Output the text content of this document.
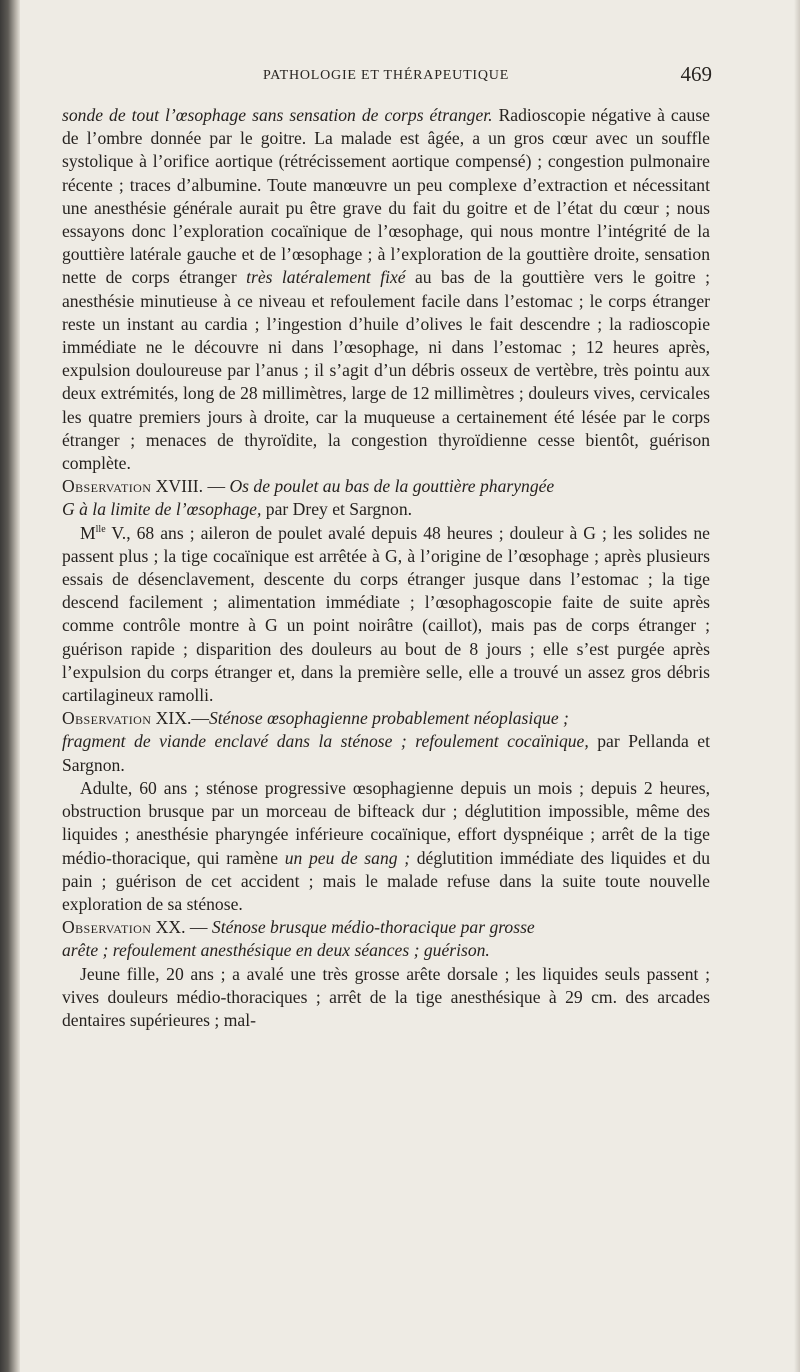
PATHOLOGIE ET THÉRAPEUTIQUE	469

sonde de tout l’œsophage sans sensation de corps étranger. Radioscopie négative à cause de l’ombre donnée par le goitre. La malade est âgée, a un gros cœur avec un souffle systolique à l’orifice aortique (rétrécissement aortique compensé) ; congestion pulmonaire récente ; traces d’albumine. Toute manœuvre un peu complexe d’extraction et nécessitant une anesthésie générale aurait pu être grave du fait du goitre et de l’état du cœur ; nous essayons donc l’exploration cocaïnique de l’œsophage, qui nous montre l’intégrité de la gouttière latérale gauche et de l’œsophage ; à l’exploration de la gouttière droite, sensation nette de corps étranger très latéralement fixé au bas de la gouttière vers le goitre ; anesthésie minutieuse à ce niveau et refoulement facile dans l’estomac ; le corps étranger reste un instant au cardia ; l’ingestion d’huile d’olives le fait descendre ; la radioscopie immédiate ne le découvre ni dans l’œsophage, ni dans l’estomac ; 12 heures après, expulsion douloureuse par l’anus ; il s’agit d’un débris osseux de vertèbre, très pointu aux deux extrémités, long de 28 millimètres, large de 12 millimètres ; douleurs vives, cervicales les quatre premiers jours à droite, car la muqueuse a certainement été lésée par le corps étranger ; menaces de thyroïdite, la congestion thyroïdienne cesse bientôt, guérison complète.

Observation XVIII. — Os de poulet au bas de la gouttière pharyngée

G à la limite de l’œsophage, par Drey et Sargnon.

$M^{lle}$ V., 68 ans ; aileron de poulet avalé depuis 48 heures ; douleur à G ; les solides ne passent plus ; la tige cocaïnique est arrêtée à G, à l’origine de l’œsophage ; après plusieurs essais de désenclavement, descente du corps étranger jusque dans l’estomac ; la tige descend facilement ; alimentation immédiate ; l’œsophagoscopie faite de suite après comme contrôle montre à G un point noirâtre (caillot), mais pas de corps étranger ; guérison rapide ; disparition des douleurs au bout de 8 jours ; elle s’est purgée après l’expulsion du corps étranger et, dans la première selle, elle a trouvé un assez gros débris cartilagineux ramolli.

Observation XIX.—Sténose œsophagienne probablement néoplasique ;

fragment de viande enclavé dans la sténose ; refoulement cocaïnique, par Pellanda et Sargnon.

Adulte, 60 ans ; sténose progressive œsophagienne depuis un mois ; depuis 2 heures, obstruction brusque par un morceau de bifteack dur ; déglutition impossible, même des liquides ; anesthésie pharyngée inférieure cocaïnique, effort dyspnéique ; arrêt de la tige médio-thoracique, qui ramène un peu de sang ; déglutition immédiate des liquides et du pain ; guérison de cet accident ; mais le malade refuse dans la suite toute nouvelle exploration de sa sténose.

Observation XX. — Sténose brusque médio-thoracique par grosse

arête ; refoulement anesthésique en deux séances ; guérison.

Jeune fille, 20 ans ; a avalé une très grosse arête dorsale ; les liquides seuls passent ; vives douleurs médio-thoraciques ; arrêt de la tige anesthésique à 29 cm. des arcades dentaires supérieures ; mal-
